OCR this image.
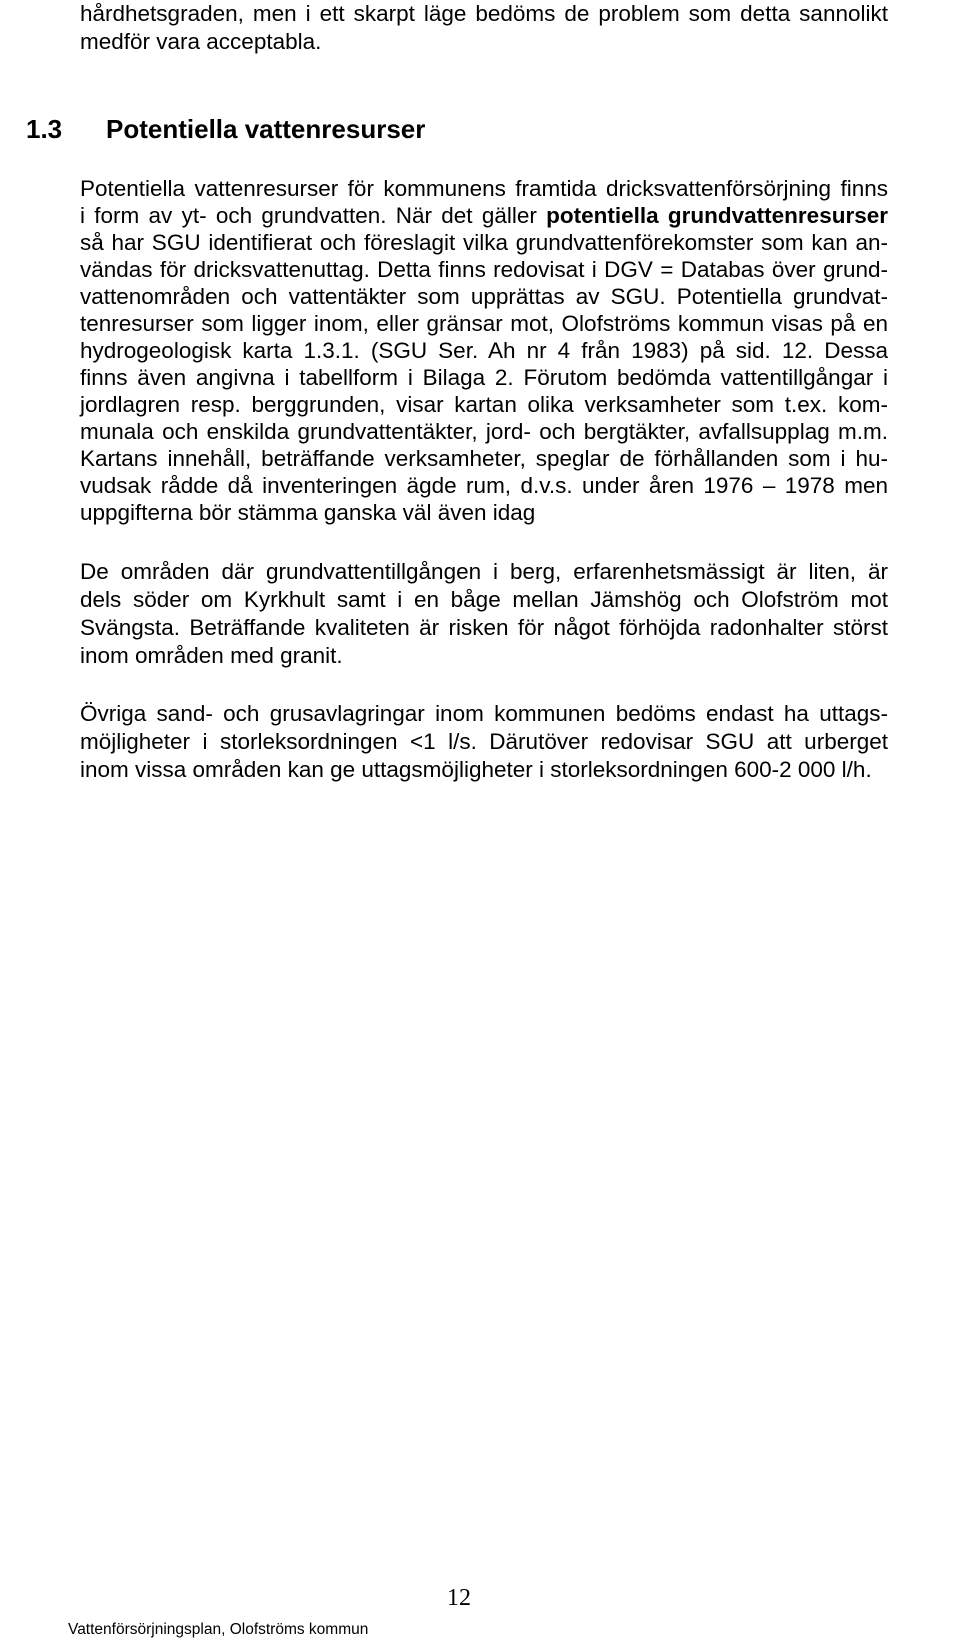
hårdhetsgraden, men i ett skarpt läge bedöms de problem som detta sannolikt
medför vara acceptabla.
1.3 Potentiella vattenresurser
Potentiella vattenresurser för kommunens framtida dricksvattenförsörjning finns
i form av yt- och grundvatten. När det gäller potentiella grundvattenresurser
så har SGU identifierat och föreslagit vilka grundvattenförekomster som kan an-
vändas för dricksvattenuttag. Detta finns redovisat i DGV = Databas över grund-
vattenområden och vattentäkter som upprättas av SGU. Potentiella grundvat-
tenresurser som ligger inom, eller gränsar mot, Olofströms kommun visas på en
hydrogeologisk karta 1.3.1. (SGU Ser. Ah nr 4 från 1983) på sid. 12. Dessa
finns även angivna i tabellform i Bilaga 2. Förutom bedömda vattentillgångar i
jordlagren resp. berggrunden, visar kartan olika verksamheter som t.ex. kom-
munala och enskilda grundvattentäkter, jord- och bergtäkter, avfallsupplag m.m.
Kartans innehåll, beträffande verksamheter, speglar de förhållanden som i hu-
vudsak rådde då inventeringen ägde rum, d.v.s. under åren 1976 – 1978 men
uppgifterna bör stämma ganska väl även idag
De områden där grundvattentillgången i berg, erfarenhetsmässigt är liten, är
dels söder om Kyrkhult samt i en båge mellan Jämshög och Olofström mot
Svängsta. Beträffande kvaliteten är risken för något förhöjda radonhalter störst
inom områden med granit.
Övriga sand- och grusavlagringar inom kommunen bedöms endast ha uttags-
möjligheter i storleksordningen <1 l/s. Därutöver redovisar SGU att urberget
inom vissa områden kan ge uttagsmöjligheter i storleksordningen 600-2 000 l/h.
12
Vattenförsörjningsplan, Olofströms kommun
